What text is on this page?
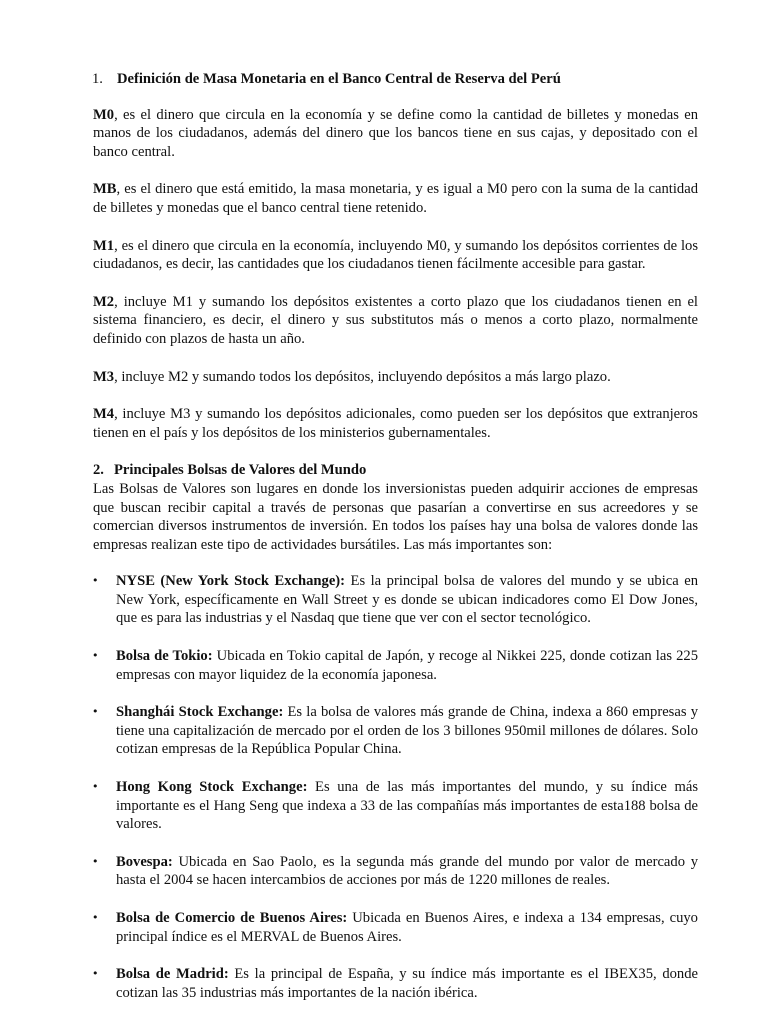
1. Definición de Masa Monetaria en el Banco Central de Reserva del Perú

M0, es el dinero que circula en la economía y se define como la cantidad de billetes y monedas en manos de los ciudadanos, además del dinero que los bancos tiene en sus cajas, y depositado con el banco central.

MB, es el dinero que está emitido, la masa monetaria, y es igual a M0 pero con la suma de la cantidad de billetes y monedas que el banco central tiene retenido.

M1, es el dinero que circula en la economía, incluyendo M0, y sumando los depósitos corrientes de los ciudadanos, es decir, las cantidades que los ciudadanos tienen fácilmente accesible para gastar.

M2, incluye M1 y sumando los depósitos existentes a corto plazo que los ciudadanos tienen en el sistema financiero, es decir, el dinero y sus substitutos más o menos a corto plazo, normalmente definido con plazos de hasta un año.

M3, incluye M2 y sumando todos los depósitos, incluyendo depósitos a más largo plazo.

M4, incluye M3 y sumando los depósitos adicionales, como pueden ser los depósitos que extranjeros tienen en el país y los depósitos de los ministerios gubernamentales.

2. Principales Bolsas de Valores del Mundo

Las Bolsas de Valores son lugares en donde los inversionistas pueden adquirir acciones de empresas que buscan recibir capital a través de personas que pasarían a convertirse en sus acreedores y se comercian diversos instrumentos de inversión. En todos los países hay una bolsa de valores donde las empresas realizan este tipo de actividades bursátiles. Las más importantes son:

• NYSE (New York Stock Exchange): Es la principal bolsa de valores del mundo y se ubica en New York, específicamente en Wall Street y es donde se ubican indicadores como El Dow Jones, que es para las industrias y el Nasdaq que tiene que ver con el sector tecnológico.
• Bolsa de Tokio: Ubicada en Tokio capital de Japón, y recoge al Nikkei 225, donde cotizan las 225 empresas con mayor liquidez de la economía japonesa.
• Shanghái Stock Exchange: Es la bolsa de valores más grande de China, indexa a 860 empresas y tiene una capitalización de mercado por el orden de los 3 billones 950mil millones de dólares. Solo cotizan empresas de la República Popular China.
• Hong Kong Stock Exchange: Es una de las más importantes del mundo, y su índice más importante es el Hang Seng que indexa a 33 de las compañías más importantes de esta188 bolsa de valores.
• Bovespa: Ubicada en Sao Paolo, es la segunda más grande del mundo por valor de mercado y hasta el 2004 se hacen intercambios de acciones por más de 1220 millones de reales.
• Bolsa de Comercio de Buenos Aires: Ubicada en Buenos Aires, e indexa a 134 empresas, cuyo principal índice es el MERVAL de Buenos Aires.
• Bolsa de Madrid: Es la principal de España, y su índice más importante es el IBEX35, donde cotizan las 35 industrias más importantes de la nación ibérica.
